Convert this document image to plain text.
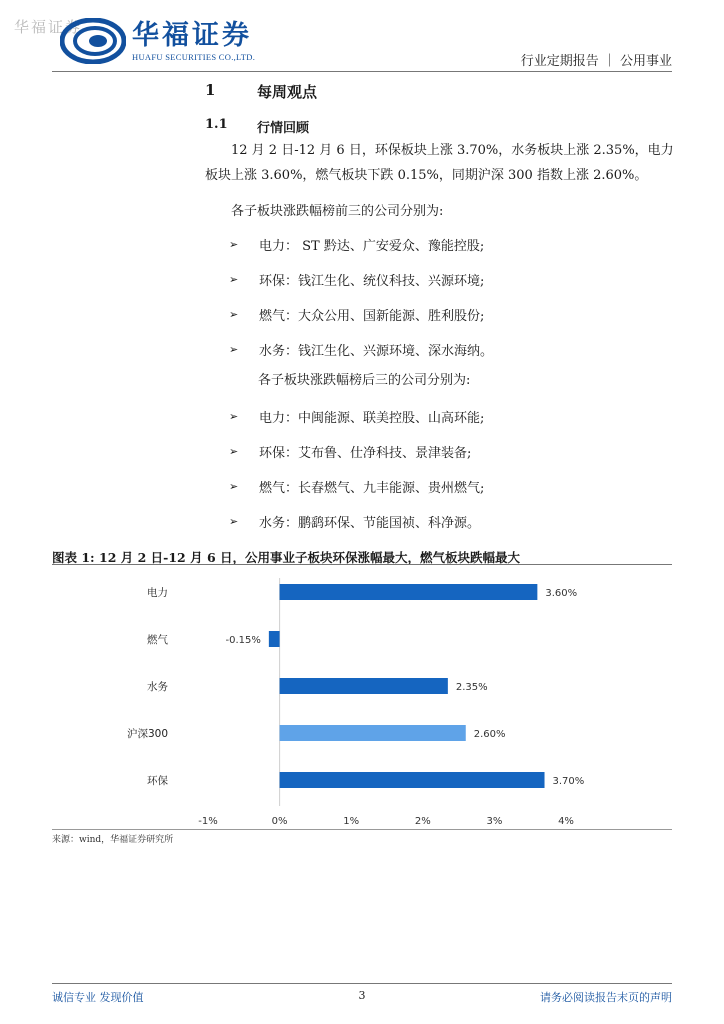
华福证券 华福证券
HUAFU SECURITIES CO.,LTD.	行业定期报告 ｜ 公用事业
1	每周观点
1.1	行情回顾
12 月 2 日-12 月 6 日，环保板块上涨 3.70%，水务板块上涨 2.35%，电力板块上涨 3.60%，燃气板块下跌 0.15%，同期沪深 300 指数上涨 2.60%。
各子板块涨跌幅榜前三的公司分别为:
➢	电力： ST 黔达、广安爱众、豫能控股;
➢	环保：钱江生化、统仪科技、兴源环境;
➢	燃气：大众公用、国新能源、胜利股份;
➢	水务：钱江生化、兴源环境、深水海纳。
各子板块涨跌幅榜后三的公司分别为:
➢	电力：中闽能源、联美控股、山高环能;
➢	环保：艾布鲁、仕净科技、景津装备;
➢	燃气：长春燃气、九丰能源、贵州燃气;
➢	水务：鹏鹞环保、节能国祯、科净源。
图表 1: 12 月 2 日-12 月 6 日，公用事业子板块环保涨幅最大，燃气板块跌幅最大
电力	3.60%
燃气	-0.15%
水务	2.35%
沪深300	2.60%
环保	3.70%
-1%	0%	1%	2%	3%	4%
来源：wind，华福证券研究所
诚信专业 发现价值	3	请务必阅读报告末页的声明
